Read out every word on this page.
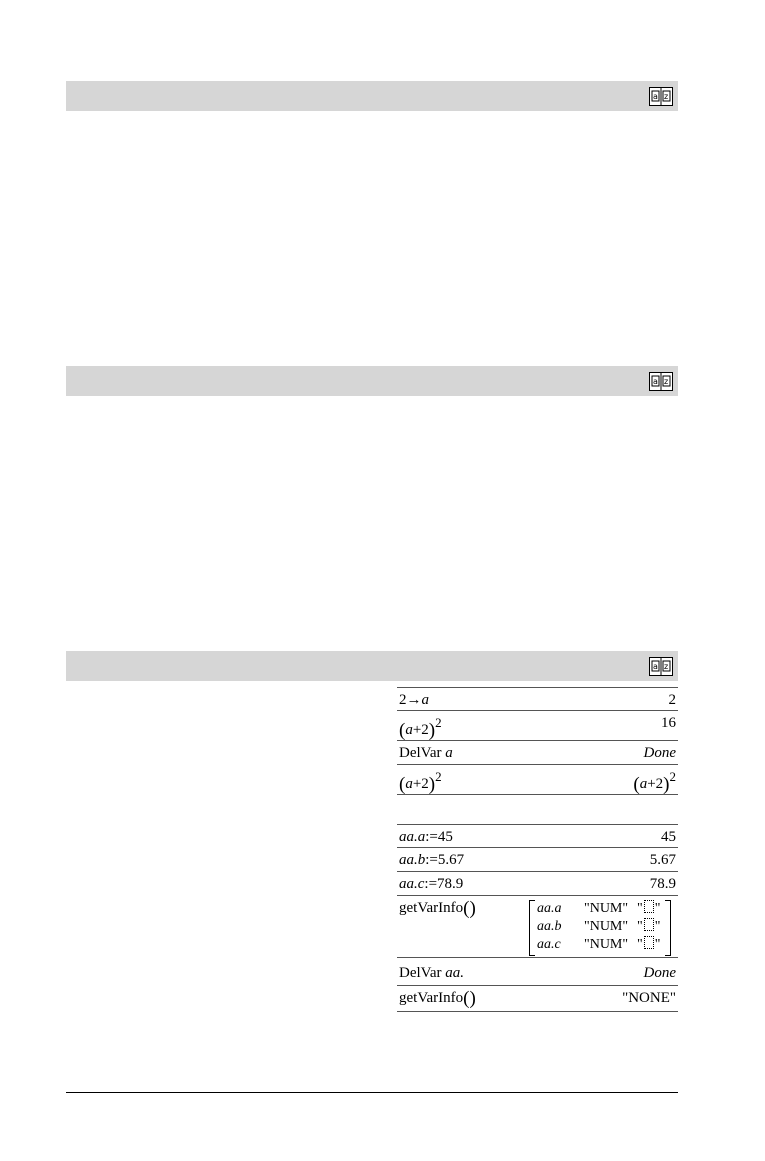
a z
a z
a z
2→a	2
(a+2)2	16
DelVar a	Done
(a+2)2	(a+2)2
aa.a:=45	45
aa.b:=5.67	5.67
aa.c:=78.9	78.9
getVarInfo()	aa.a "NUM" " "
aa.b "NUM" " "
aa.c "NUM" " "
DelVar aa.	Done
getVarInfo()	"NONE"
